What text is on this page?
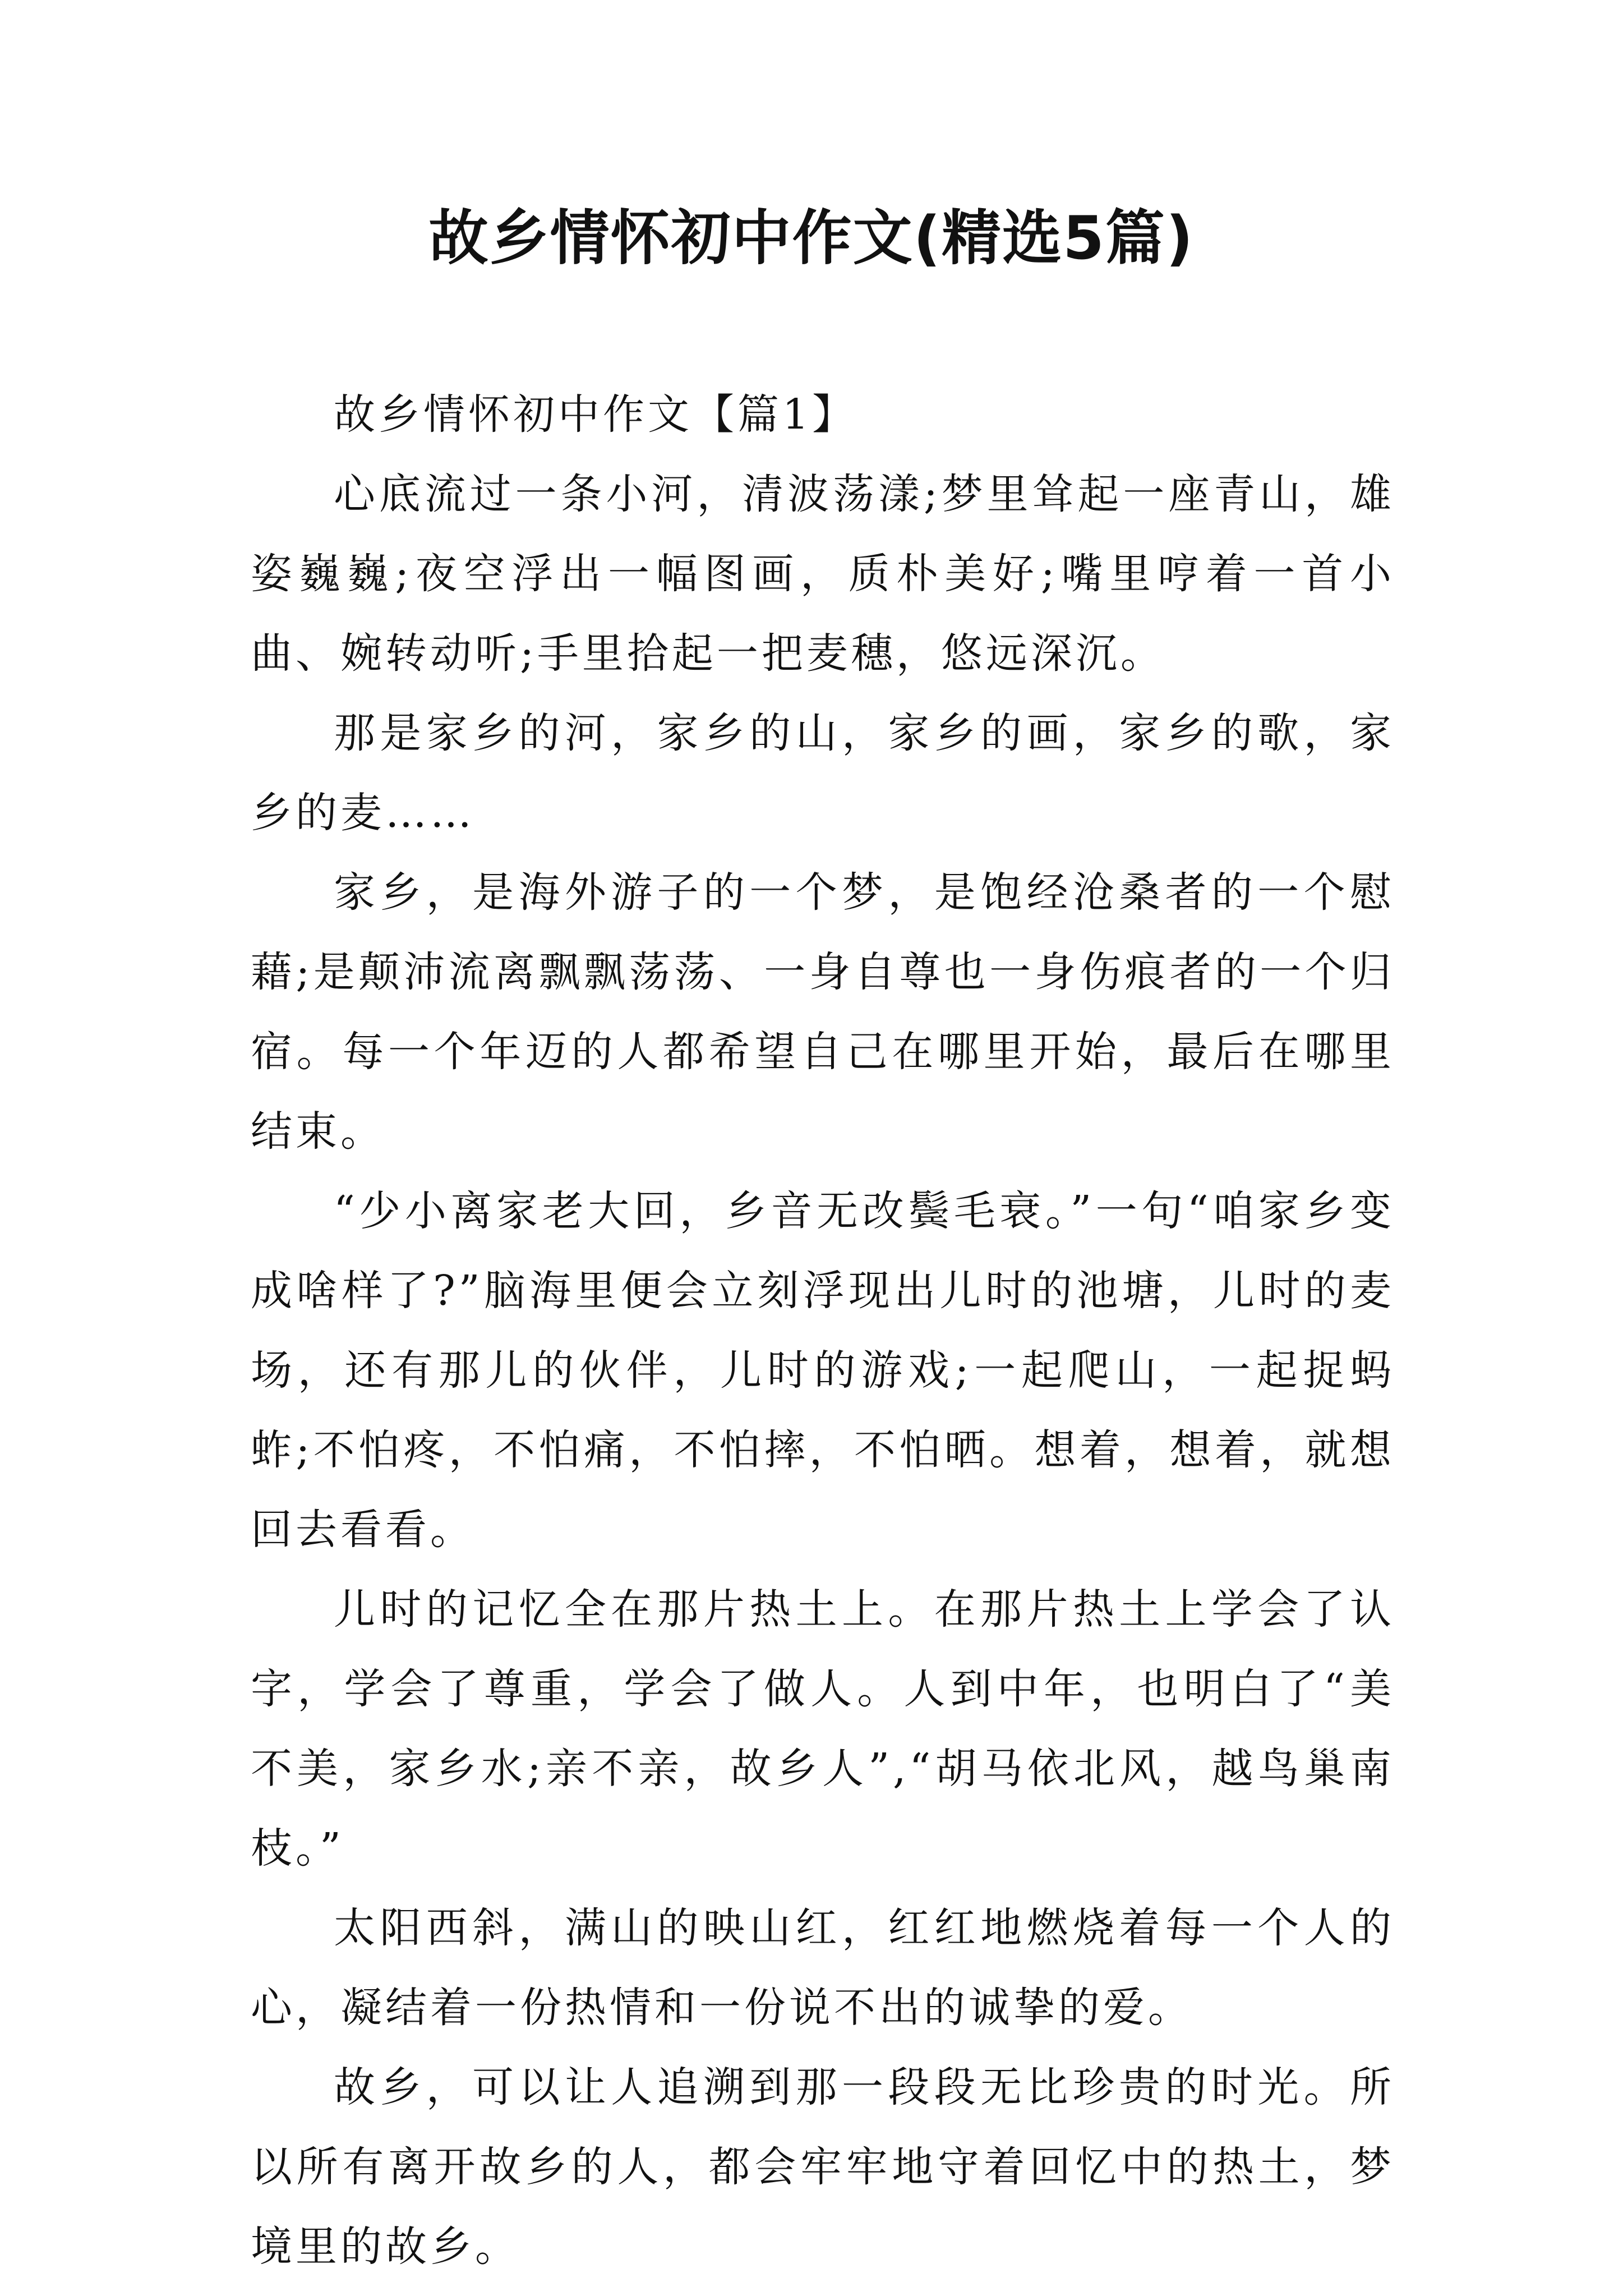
故乡情怀初中作文(精选5篇)

故乡情怀初中作文【篇1】

心底流过一条小河，清波荡漾;梦里耸起一座青山，雄姿巍巍;夜空浮出一幅图画，质朴美好;嘴里哼着一首小曲、婉转动听;手里拾起一把麦穗，悠远深沉。

那是家乡的河，家乡的山，家乡的画，家乡的歌，家乡的麦……

家乡，是海外游子的一个梦，是饱经沧桑者的一个慰藉;是颠沛流离飘飘荡荡、一身自尊也一身伤痕者的一个归宿。每一个年迈的人都希望自己在哪里开始，最后在哪里结束。

“少小离家老大回，乡音无改鬓毛衰。”一句“咱家乡变成啥样了?”脑海里便会立刻浮现出儿时的池塘，儿时的麦场，还有那儿的伙伴，儿时的游戏;一起爬山，一起捉蚂蚱;不怕疼，不怕痛，不怕摔，不怕晒。想着，想着，就想回去看看。

儿时的记忆全在那片热土上。在那片热土上学会了认字，学会了尊重，学会了做人。人到中年，也明白了“美不美，家乡水;亲不亲，故乡人”,“胡马依北风，越鸟巢南枝。”

太阳西斜，满山的映山红，红红地燃烧着每一个人的心，凝结着一份热情和一份说不出的诚挚的爱。

故乡，可以让人追溯到那一段段无比珍贵的时光。所以所有离开故乡的人，都会牢牢地守着回忆中的热土，梦境里的故乡。
